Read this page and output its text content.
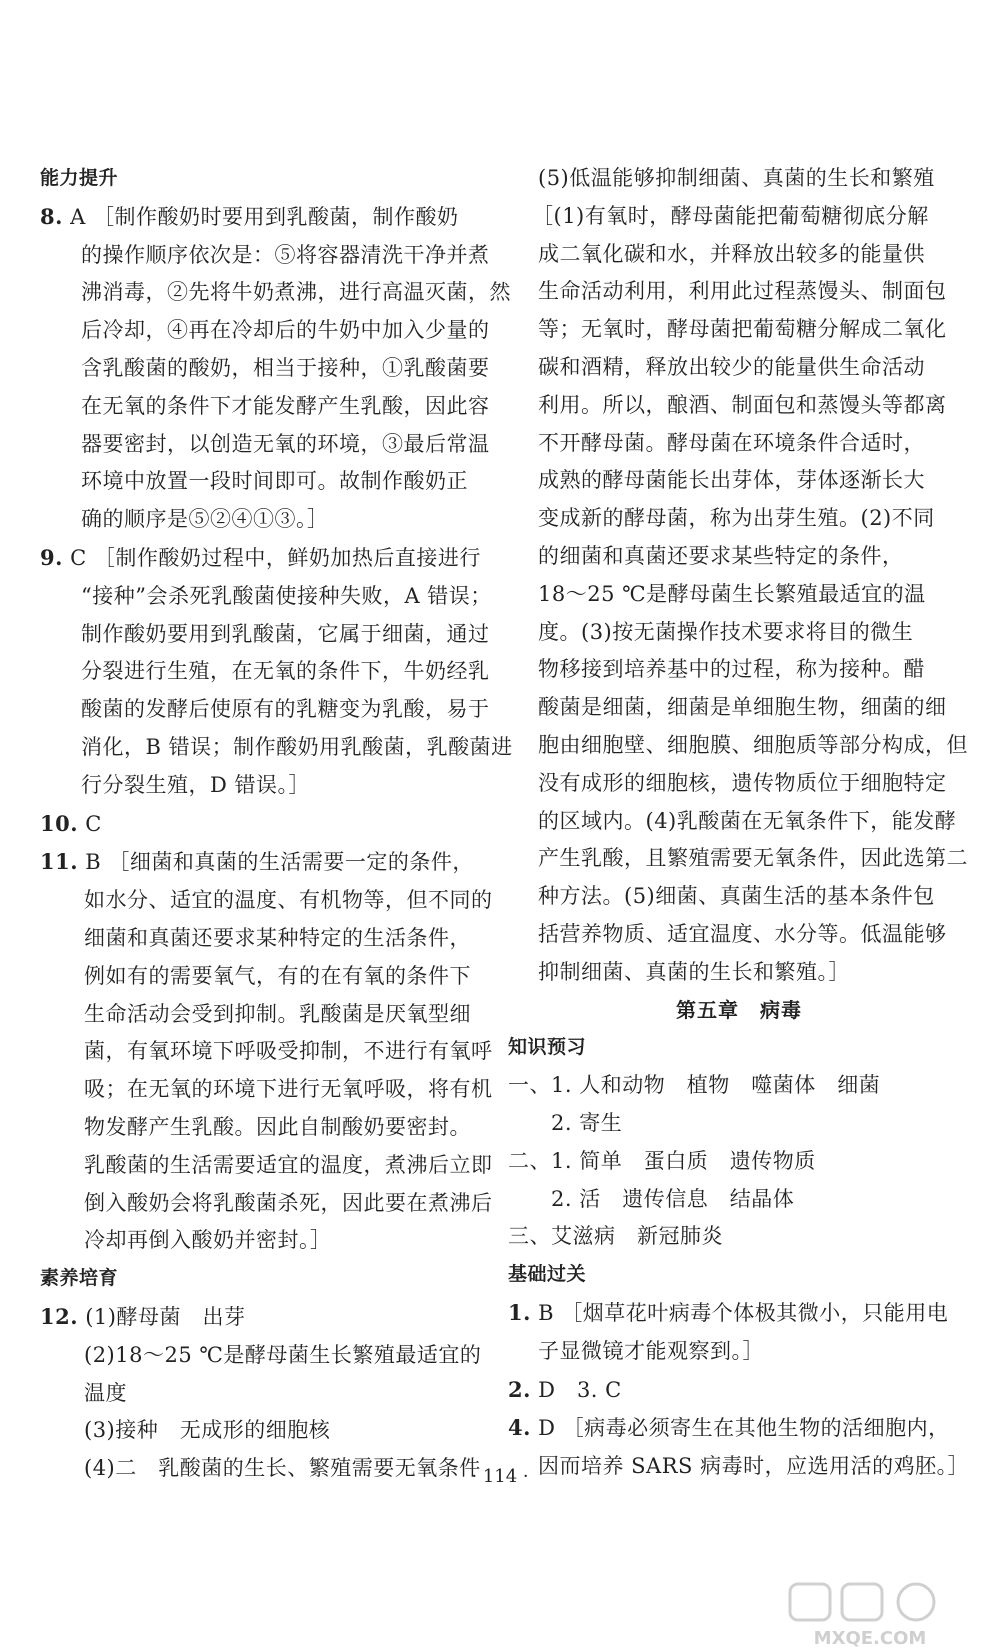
能力提升
8. A ［制作酸奶时要用到乳酸菌，制作酸奶
的操作顺序依次是：⑤将容器清洗干净并煮
沸消毒，②先将牛奶煮沸，进行高温灭菌，然
后冷却，④再在冷却后的牛奶中加入少量的
含乳酸菌的酸奶，相当于接种，①乳酸菌要
在无氧的条件下才能发酵产生乳酸，因此容
器要密封，以创造无氧的环境，③最后常温
环境中放置一段时间即可。故制作酸奶正
确的顺序是⑤②④①③。］
9. C ［制作酸奶过程中，鲜奶加热后直接进行
“接种”会杀死乳酸菌使接种失败，A 错误；
制作酸奶要用到乳酸菌，它属于细菌，通过
分裂进行生殖，在无氧的条件下，牛奶经乳
酸菌的发酵后使原有的乳糖变为乳酸，易于
消化，B 错误；制作酸奶用乳酸菌，乳酸菌进
行分裂生殖，D 错误。］
10. C
11. B ［细菌和真菌的生活需要一定的条件，
如水分、适宜的温度、有机物等，但不同的
细菌和真菌还要求某种特定的生活条件，
例如有的需要氧气，有的在有氧的条件下
生命活动会受到抑制。乳酸菌是厌氧型细
菌，有氧环境下呼吸受抑制，不进行有氧呼
吸；在无氧的环境下进行无氧呼吸，将有机
物发酵产生乳酸。因此自制酸奶要密封。
乳酸菌的生活需要适宜的温度，煮沸后立即
倒入酸奶会将乳酸菌杀死，因此要在煮沸后
冷却再倒入酸奶并密封。］
素养培育
12. (1)酵母菌　出芽
(2)18～25 ℃是酵母菌生长繁殖最适宜的
温度
(3)接种　无成形的细胞核
(4)二　乳酸菌的生长、繁殖需要无氧条件
(5)低温能够抑制细菌、真菌的生长和繁殖
［(1)有氧时，酵母菌能把葡萄糖彻底分解
成二氧化碳和水，并释放出较多的能量供
生命活动利用，利用此过程蒸馒头、制面包
等；无氧时，酵母菌把葡萄糖分解成二氧化
碳和酒精，释放出较少的能量供生命活动
利用。所以，酿酒、制面包和蒸馒头等都离
不开酵母菌。酵母菌在环境条件合适时，
成熟的酵母菌能长出芽体，芽体逐渐长大
变成新的酵母菌，称为出芽生殖。(2)不同
的细菌和真菌还要求某些特定的条件，
18～25 ℃是酵母菌生长繁殖最适宜的温
度。(3)按无菌操作技术要求将目的微生
物移接到培养基中的过程，称为接种。醋
酸菌是细菌，细菌是单细胞生物，细菌的细
胞由细胞壁、细胞膜、细胞质等部分构成，但
没有成形的细胞核，遗传物质位于细胞特定
的区域内。(4)乳酸菌在无氧条件下，能发酵
产生乳酸，且繁殖需要无氧条件，因此选第二
种方法。(5)细菌、真菌生活的基本条件包
括营养物质、适宜温度、水分等。低温能够
抑制细菌、真菌的生长和繁殖。］
第五章　病毒
知识预习
一、1. 人和动物　植物　噬菌体　细菌
　　2. 寄生
二、1. 简单　蛋白质　遗传物质
　　2. 活　遗传信息　结晶体
三、艾滋病　新冠肺炎
基础过关
1. B ［烟草花叶病毒个体极其微小，只能用电
子显微镜才能观察到。］
2. D　3. C
4. D ［病毒必须寄生在其他生物的活细胞内，
因而培养 SARS 病毒时，应选用活的鸡胚。］
· 114 ·
MXQE.COM
